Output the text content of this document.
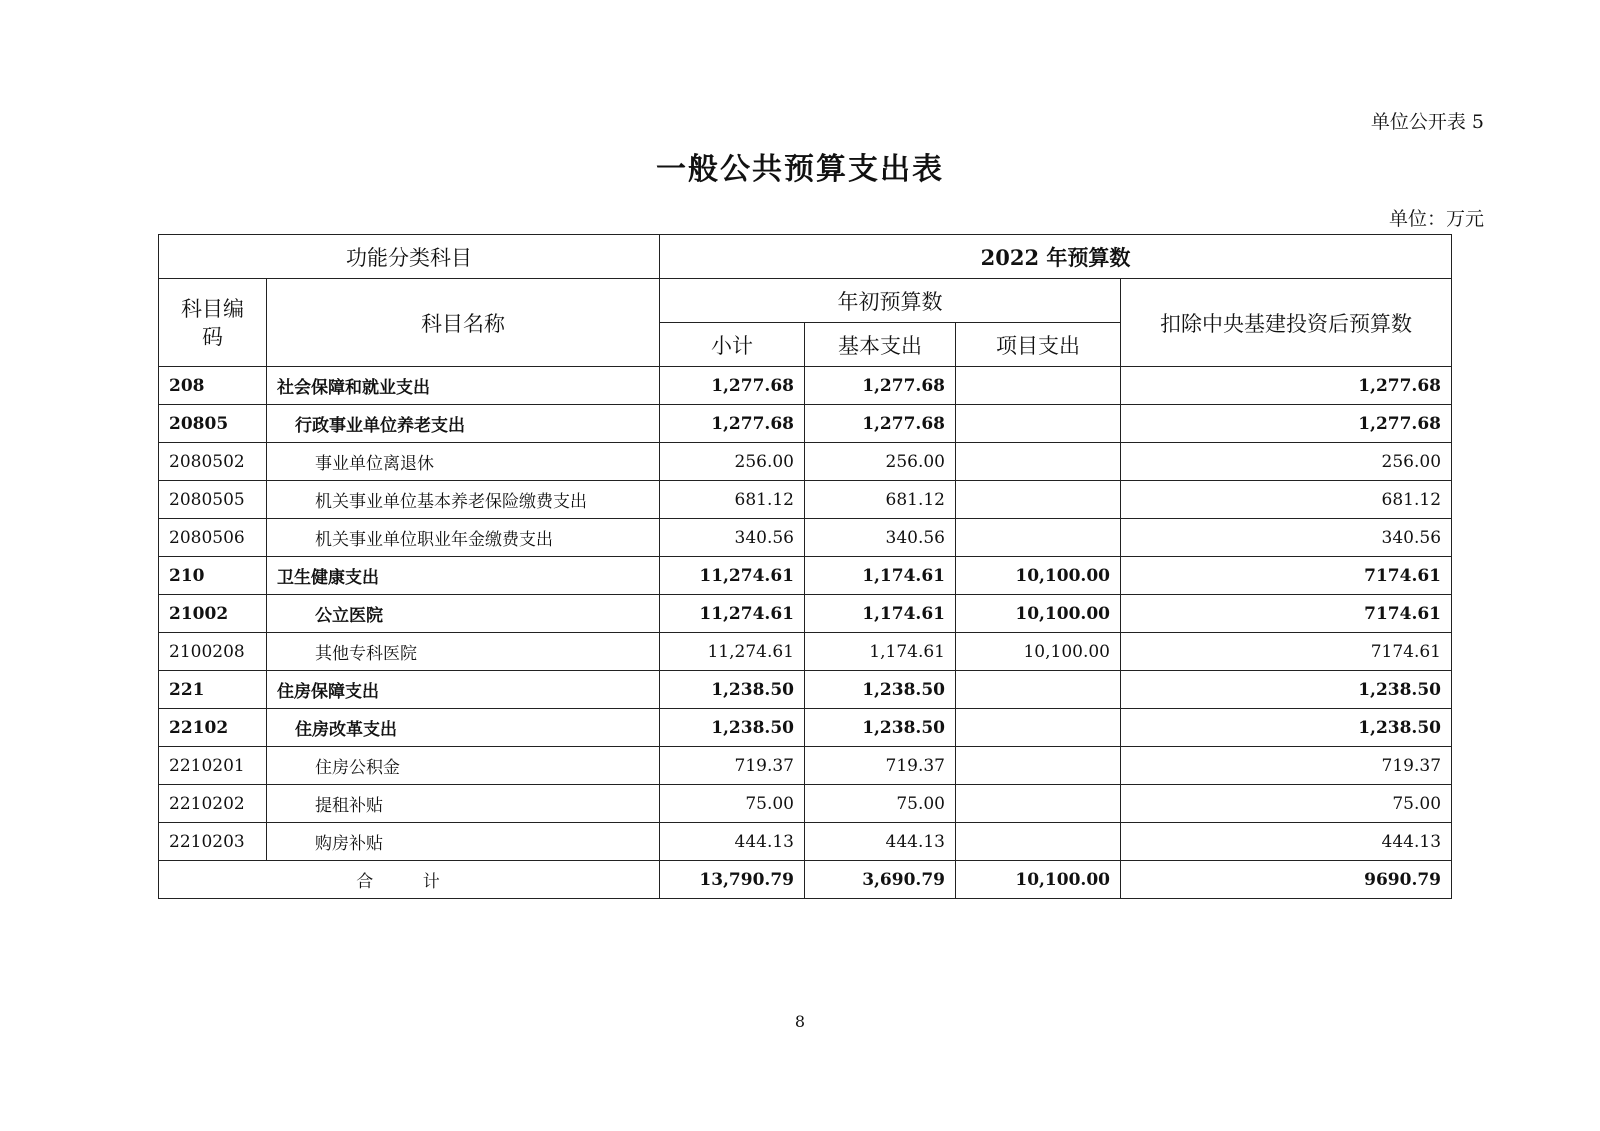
单位公开表 5
一般公共预算支出表
单位：万元
功能分类科目		2022 年预算数			
科目编码	科目名称	年初预算数			扣除中央基建投资后预算数
		小计	基本支出	项目支出	
208	社会保障和就业支出	1,277.68	1,277.68		1,277.68
20805	行政事业单位养老支出	1,277.68	1,277.68		1,277.68
2080502	事业单位离退休	256.00	256.00		256.00
2080505	机关事业单位基本养老保险缴费支出	681.12	681.12		681.12
2080506	机关事业单位职业年金缴费支出	340.56	340.56		340.56
210	卫生健康支出	11,274.61	1,174.61	10,100.00	7174.61
21002	公立医院	11,274.61	1,174.61	10,100.00	7174.61
2100208	其他专科医院	11,274.61	1,174.61	10,100.00	7174.61
221	住房保障支出	1,238.50	1,238.50		1,238.50
22102	住房改革支出	1,238.50	1,238.50		1,238.50
2210201	住房公积金	719.37	719.37		719.37
2210202	提租补贴	75.00	75.00		75.00
2210203	购房补贴	444.13	444.13		444.13
合 计		13,790.79	3,690.79	10,100.00	9690.79
8
